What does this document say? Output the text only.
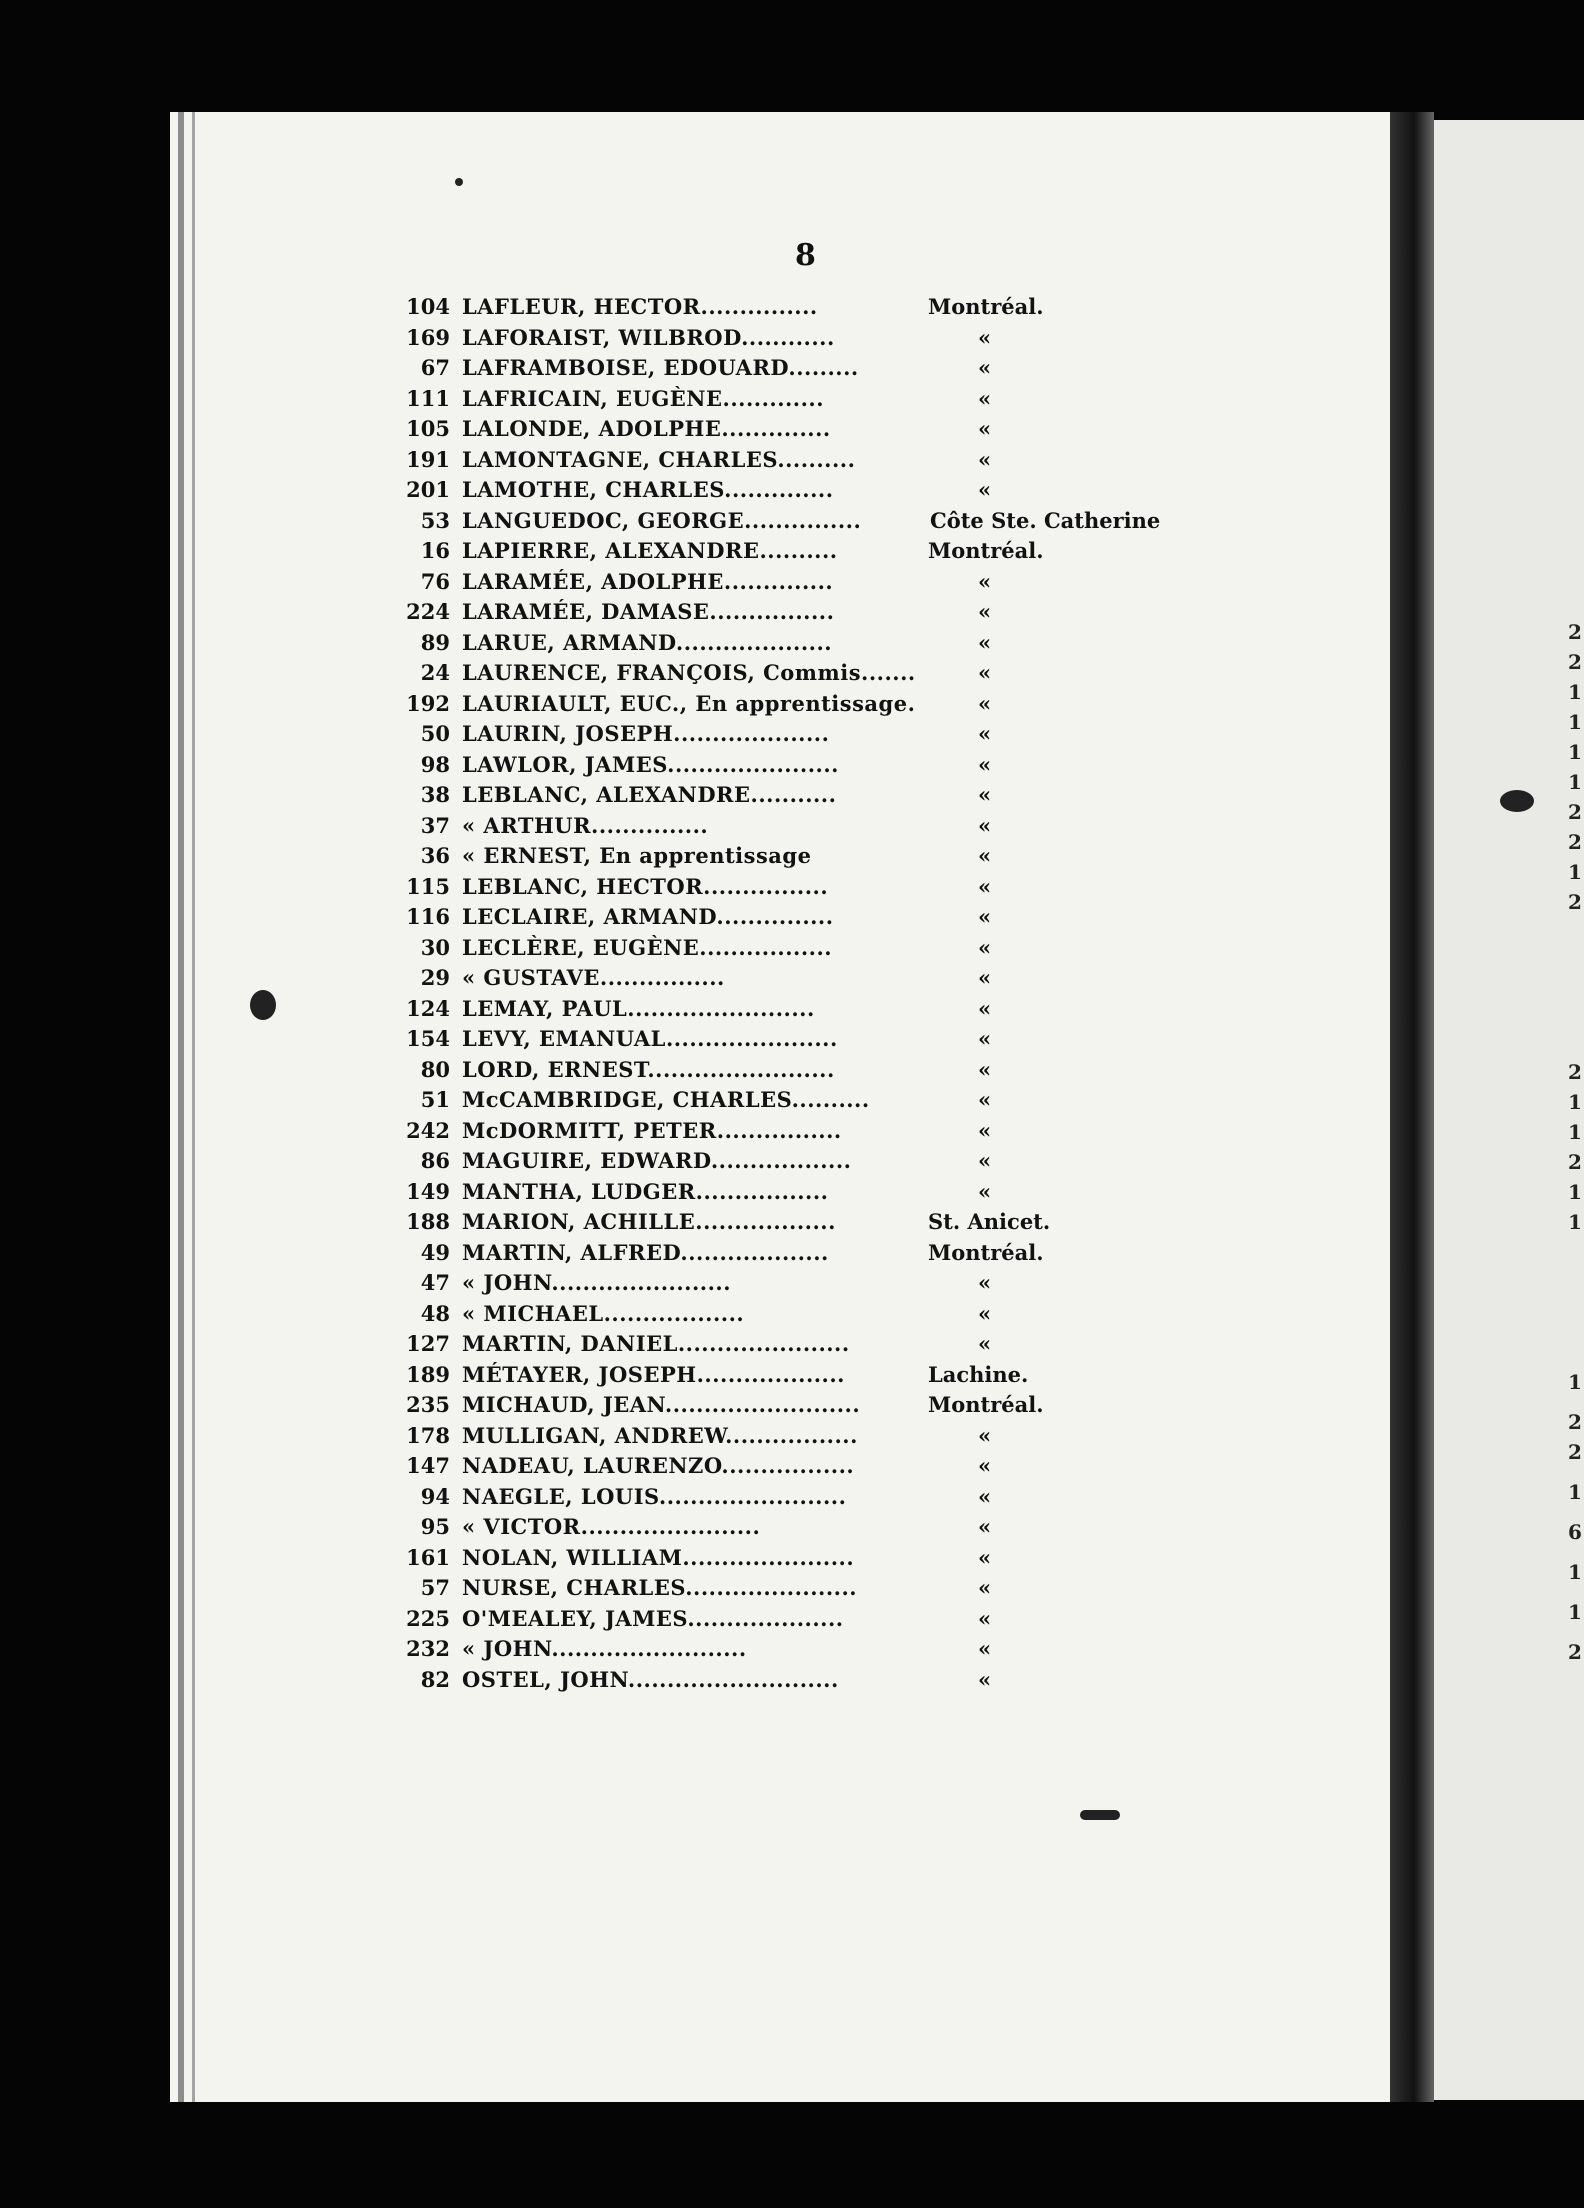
8
104 LAFLEUR, HECTOR...............	Montréal.
169 LAFORAIST, WILBROD............	«
67 LAFRAMBOISE, EDOUARD.........	«
111 LAFRICAIN, EUGÈNE.............	«
105 LALONDE, ADOLPHE..............	«
191 LAMONTAGNE, CHARLES..........	«
201 LAMOTHE, CHARLES..............	«
53 LANGUEDOC, GEORGE...............	Côte Ste. Catherine
16 LAPIERRE, ALEXANDRE..........	Montréal.
76 LARAMÉE, ADOLPHE..............	«
224 LARAMÉE, DAMASE................	«
89 LARUE, ARMAND....................	«
24 LAURENCE, FRANÇOIS, Commis.......	«
192 LAURIAULT, EUC., En apprentissage.	«
50 LAURIN, JOSEPH....................	«
98 LAWLOR, JAMES......................	«
38 LEBLANC, ALEXANDRE...........	«
37 « ARTHUR...............	«
36 « ERNEST, En apprentissage	«
115 LEBLANC, HECTOR................	«
116 LECLAIRE, ARMAND...............	«
30 LECLÈRE, EUGÈNE.................	«
29 « GUSTAVE................	«
124 LEMAY, PAUL........................	«
154 LEVY, EMANUAL......................	«
80 LORD, ERNEST........................	«
51 McCAMBRIDGE, CHARLES..........	«
242 McDORMITT, PETER................	«
86 MAGUIRE, EDWARD..................	«
149 MANTHA, LUDGER.................	«
188 MARION, ACHILLE..................	St. Anicet.
49 MARTIN, ALFRED...................	Montréal.
47 « JOHN.......................	«
48 « MICHAEL..................	«
127 MARTIN, DANIEL......................	«
189 MÉTAYER, JOSEPH...................	Lachine.
235 MICHAUD, JEAN.........................	Montréal.
178 MULLIGAN, ANDREW.................	«
147 NADEAU, LAURENZO.................	«
94 NAEGLE, LOUIS........................	«
95 « VICTOR.......................	«
161 NOLAN, WILLIAM......................	«
57 NURSE, CHARLES......................	«
225 O'MEALEY, JAMES....................	«
232 « JOHN.........................	«
82 OSTEL, JOHN...........................	«
2
2
1
1
1
1
2
2
1
2
2
1
1
2
1
1
1
2
2
1
6
1
1
2
